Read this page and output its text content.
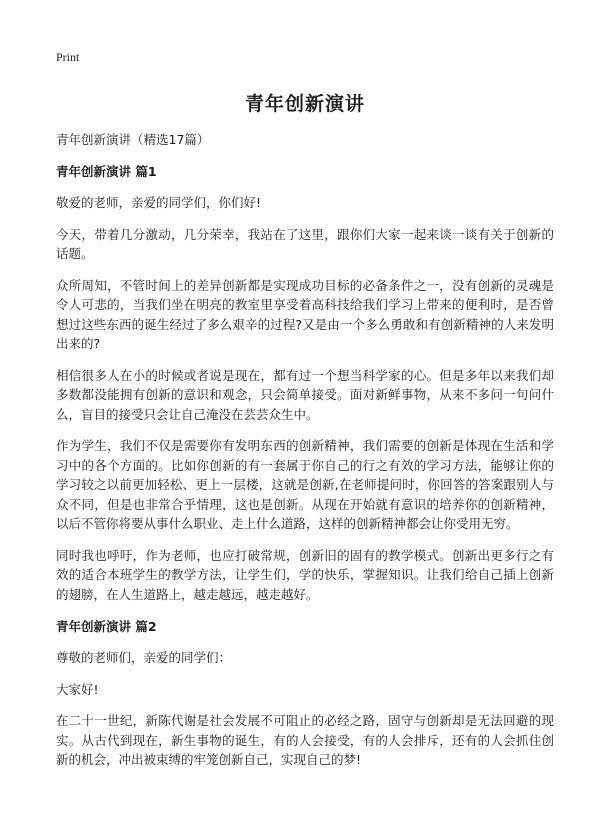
Print
青年创新演讲
青年创新演讲（精选17篇）
青年创新演讲 篇1

敬爱的老师，亲爱的同学们，你们好!

今天，带着几分激动，几分荣幸，我站在了这里，跟你们大家一起来谈一谈有关于创新的话题。

众所周知，不管时间上的差异创新都是实现成功目标的必备条件之一，没有创新的灵魂是令人可悲的，当我们坐在明亮的教室里享受着高科技给我们学习上带来的便利时，是否曾想过这些东西的诞生经过了多么艰辛的过程?又是由一个多么勇敢和有创新精神的人来发明出来的?

相信很多人在小的时候或者说是现在，都有过一个想当科学家的心。但是多年以来我们却多数都没能拥有创新的意识和观念，只会简单接受。面对新鲜事物，从来不多问一句问什么，盲目的接受只会让自己淹没在芸芸众生中。

作为学生，我们不仅是需要你有发明东西的创新精神，我们需要的创新是体现在生活和学习中的各个方面的。比如你创新的有一套属于你自己的行之有效的学习方法，能够让你的学习较之以前更加轻松、更上一层楼，这就是创新,在老师提问时，你回答的答案跟别人与众不同，但是也非常合乎情理，这也是创新。从现在开始就有意识的培养你的创新精神，以后不管你将要从事什么职业、走上什么道路，这样的创新精神都会让你受用无穷。

同时我也呼吁，作为老师，也应打破常规，创新旧的固有的教学模式。创新出更多行之有效的适合本班学生的教学方法，让学生们，学的快乐，掌握知识。让我们给自己插上创新的翅膀，在人生道路上，越走越远，越走越好。

青年创新演讲 篇2

尊敬的老师们，亲爱的同学们：

大家好!

在二十一世纪，新陈代谢是社会发展不可阻止的必经之路，固守与创新却是无法回避的现实。从古代到现在，新生事物的诞生，有的人会接受，有的人会排斥，还有的人会抓住创新的机会，冲出被束缚的牢笼创新自己，实现自己的梦!
